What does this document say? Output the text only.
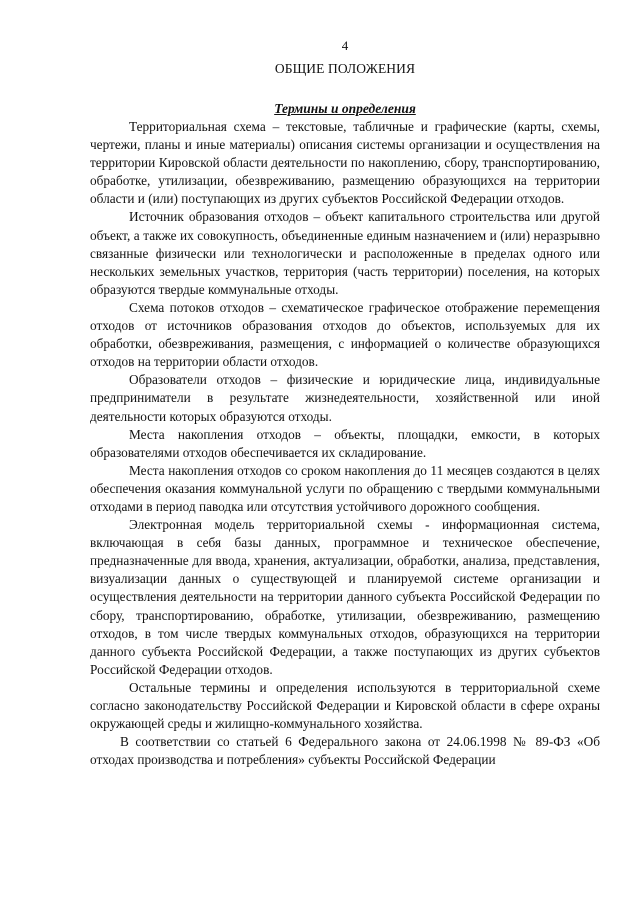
4
ОБЩИЕ ПОЛОЖЕНИЯ
Термины и определения

Территориальная схема – текстовые, табличные и графические (карты, схемы, чертежи, планы и иные материалы) описания системы организации и осуществления на территории Кировской области деятельности по накоплению, сбору, транспортированию, обработке, утилизации, обезвреживанию, размещению образующихся на территории области и (или) поступающих из других субъектов Российской Федерации отходов.

Источник образования отходов – объект капитального строительства или другой объект, а также их совокупность, объединенные единым назначением и (или) неразрывно связанные физически или технологически и расположенные в пределах одного или нескольких земельных участков, территория (часть территории) поселения, на которых образуются твердые коммунальные отходы.

Схема потоков отходов – схематическое графическое отображение перемещения отходов от источников образования отходов до объектов, используемых для их обработки, обезвреживания, размещения, с информацией о количестве образующихся отходов на территории области отходов.

Образователи отходов – физические и юридические лица, индивидуальные предприниматели в результате жизнедеятельности, хозяйственной или иной деятельности которых образуются отходы.

Места накопления отходов – объекты, площадки, емкости, в которых образователями отходов обеспечивается их складирование.

Места накопления отходов со сроком накопления до 11 месяцев создаются в целях обеспечения оказания коммунальной услуги по обращению с твердыми коммунальными отходами в период паводка или отсутствия устойчивого дорожного сообщения.

Электронная модель территориальной схемы - информационная система, включающая в себя базы данных, программное и техническое обеспечение, предназначенные для ввода, хранения, актуализации, обработки, анализа, представления, визуализации данных о существующей и планируемой системе организации и осуществления деятельности на территории данного субъекта Российской Федерации по сбору, транспортированию, обработке, утилизации, обезвреживанию, размещению отходов, в том числе твердых коммунальных отходов, образующихся на территории данного субъекта Российской Федерации, а также поступающих из других субъектов Российской Федерации отходов.

Остальные термины и определения используются в территориальной схеме согласно законодательству Российской Федерации и Кировской области в сфере охраны окружающей среды и жилищно-коммунального хозяйства.

В соответствии со статьей 6 Федерального закона от 24.06.1998 № 89-ФЗ «Об отходах производства и потребления» субъекты Российской Федерации
